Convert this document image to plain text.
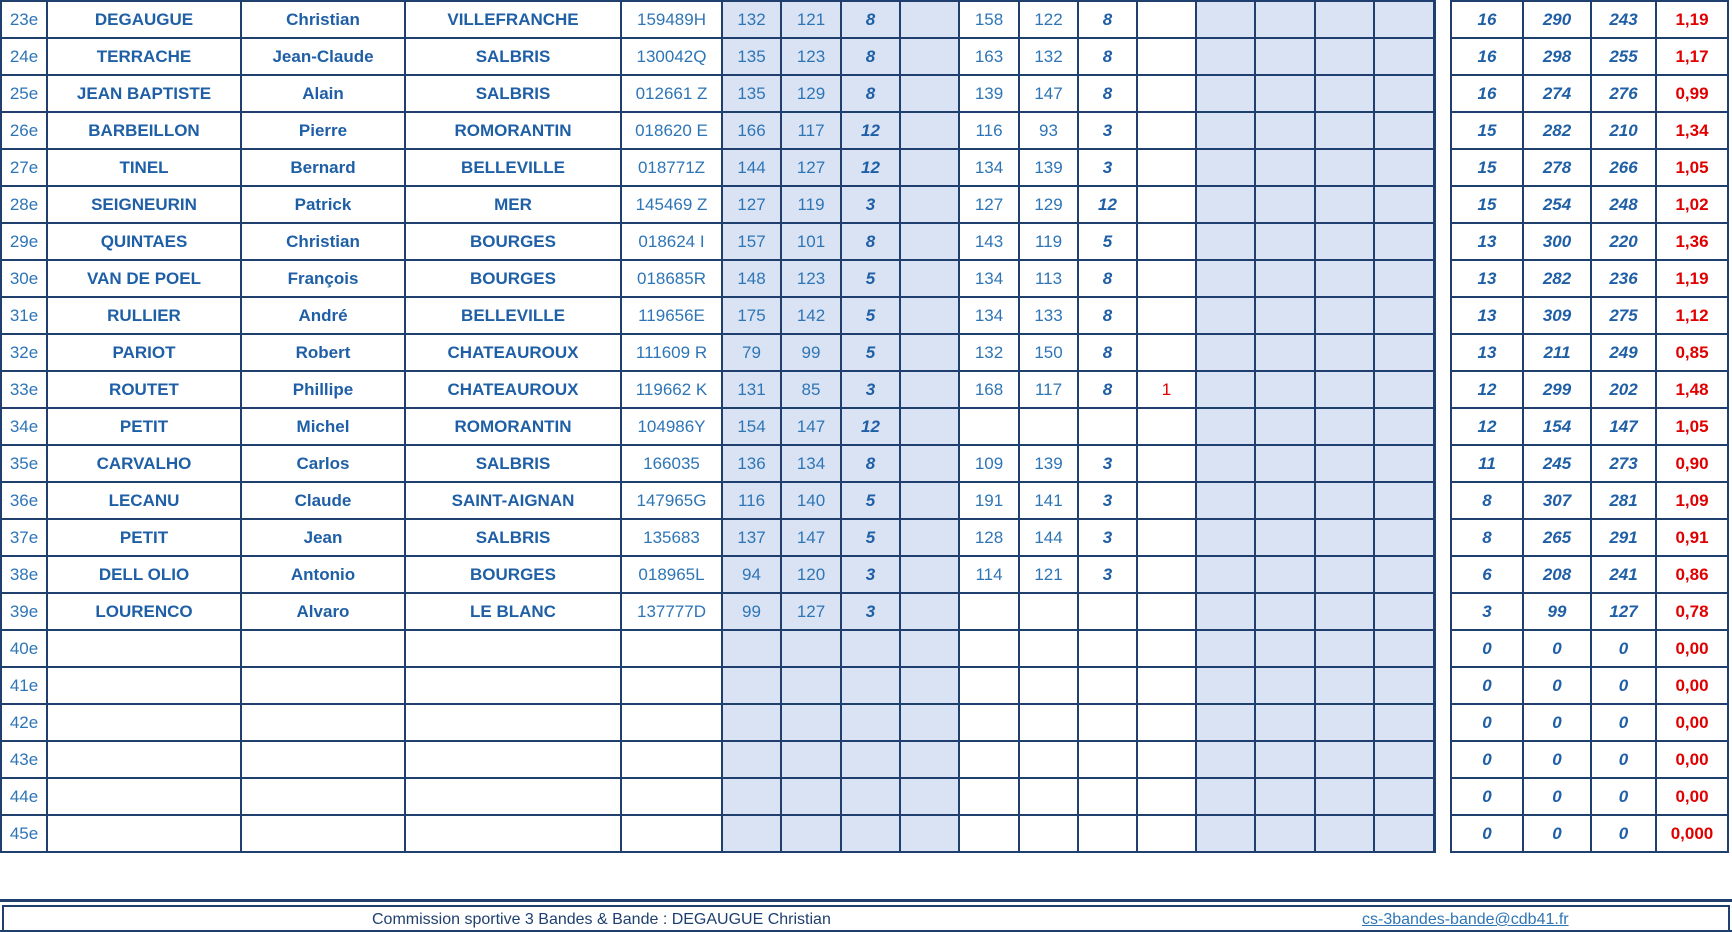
23e	DEGAUGUE	Christian	VILLEFRANCHE	159489H	132	121	8		158	122	8							16	290	243	1,19
24e	TERRACHE	Jean-Claude	SALBRIS	130042Q	135	123	8		163	132	8							16	298	255	1,17
25e	JEAN BAPTISTE	Alain	SALBRIS	012661 Z	135	129	8		139	147	8							16	274	276	0,99
26e	BARBEILLON	Pierre	ROMORANTIN	018620 E	166	117	12		116	93	3							15	282	210	1,34
27e	TINEL	Bernard	BELLEVILLE	018771Z	144	127	12		134	139	3							15	278	266	1,05
28e	SEIGNEURIN	Patrick	MER	145469 Z	127	119	3		127	129	12							15	254	248	1,02
29e	QUINTAES	Christian	BOURGES	018624 I	157	101	8		143	119	5							13	300	220	1,36
30e	VAN DE POEL	François	BOURGES	018685R	148	123	5		134	113	8							13	282	236	1,19
31e	RULLIER	André	BELLEVILLE	119656E	175	142	5		134	133	8							13	309	275	1,12
32e	PARIOT	Robert	CHATEAUROUX	111609 R	79	99	5		132	150	8							13	211	249	0,85
33e	ROUTET	Phillipe	CHATEAUROUX	119662 K	131	85	3		168	117	8	1						12	299	202	1,48
34e	PETIT	Michel	ROMORANTIN	104986Y	154	147	12											12	154	147	1,05
35e	CARVALHO	Carlos	SALBRIS	166035	136	134	8		109	139	3							11	245	273	0,90
36e	LECANU	Claude	SAINT-AIGNAN	147965G	116	140	5		191	141	3							8	307	281	1,09
37e	PETIT	Jean	SALBRIS	135683	137	147	5		128	144	3							8	265	291	0,91
38e	DELL OLIO	Antonio	BOURGES	018965L	94	120	3		114	121	3							6	208	241	0,86
39e	LOURENCO	Alvaro	LE BLANC	137777D	99	127	3											3	99	127	0,78
40e																		0	0	0	0,00
41e																		0	0	0	0,00
42e																		0	0	0	0,00
43e																		0	0	0	0,00
44e																		0	0	0	0,00
45e																		0	0	0	0,000
Commission sportive 3 Bandes & Bande : DEGAUGUE Christian	cs-3bandes-bande@cdb41.fr
